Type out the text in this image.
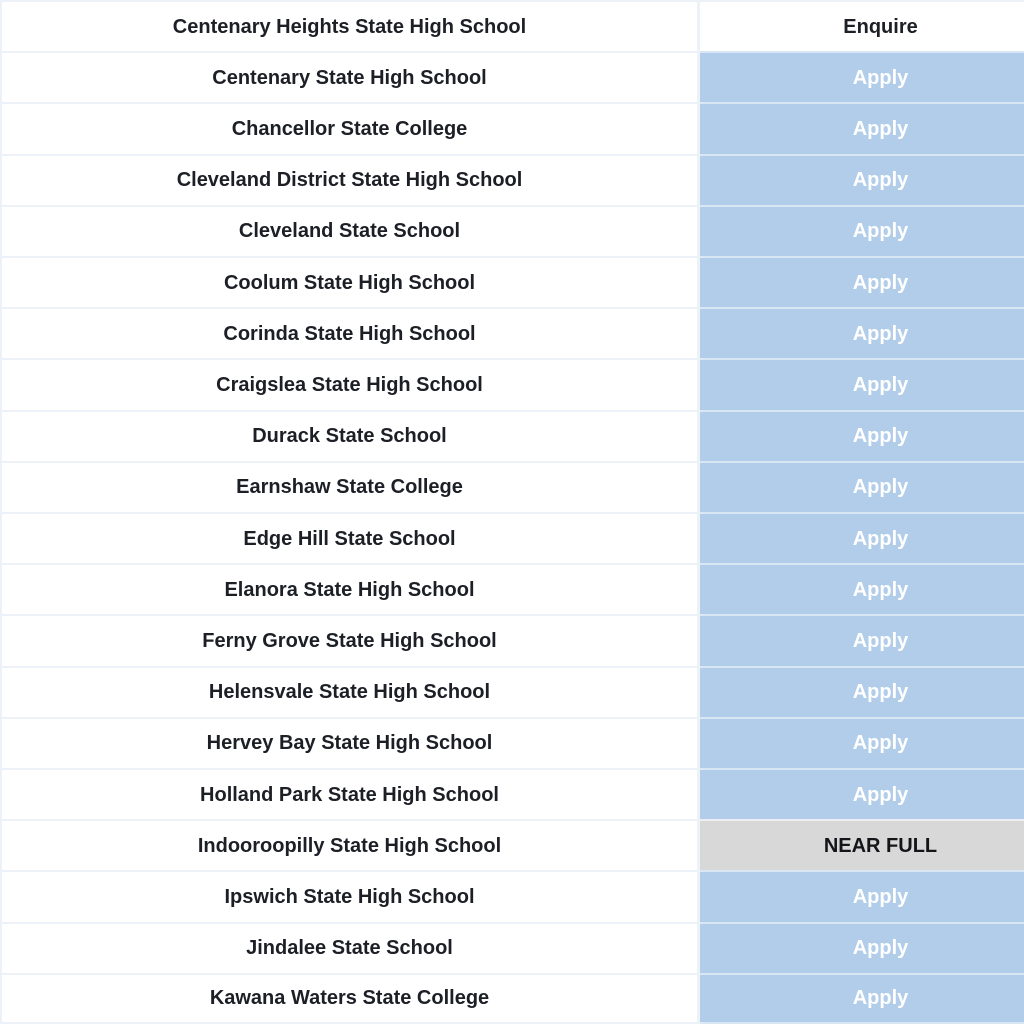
Centenary Heights State High School	Enquire
Centenary State High School	Apply
Chancellor State College	Apply
Cleveland District State High School	Apply
Cleveland State School	Apply
Coolum State High School	Apply
Corinda State High School	Apply
Craigslea State High School	Apply
Durack State School	Apply
Earnshaw State College	Apply
Edge Hill State School	Apply
Elanora State High School	Apply
Ferny Grove State High School	Apply
Helensvale State High School	Apply
Hervey Bay State High School	Apply
Holland Park State High School	Apply
Indooroopilly State High School	NEAR FULL
Ipswich State High School	Apply
Jindalee State School	Apply
Kawana Waters State College	Apply
